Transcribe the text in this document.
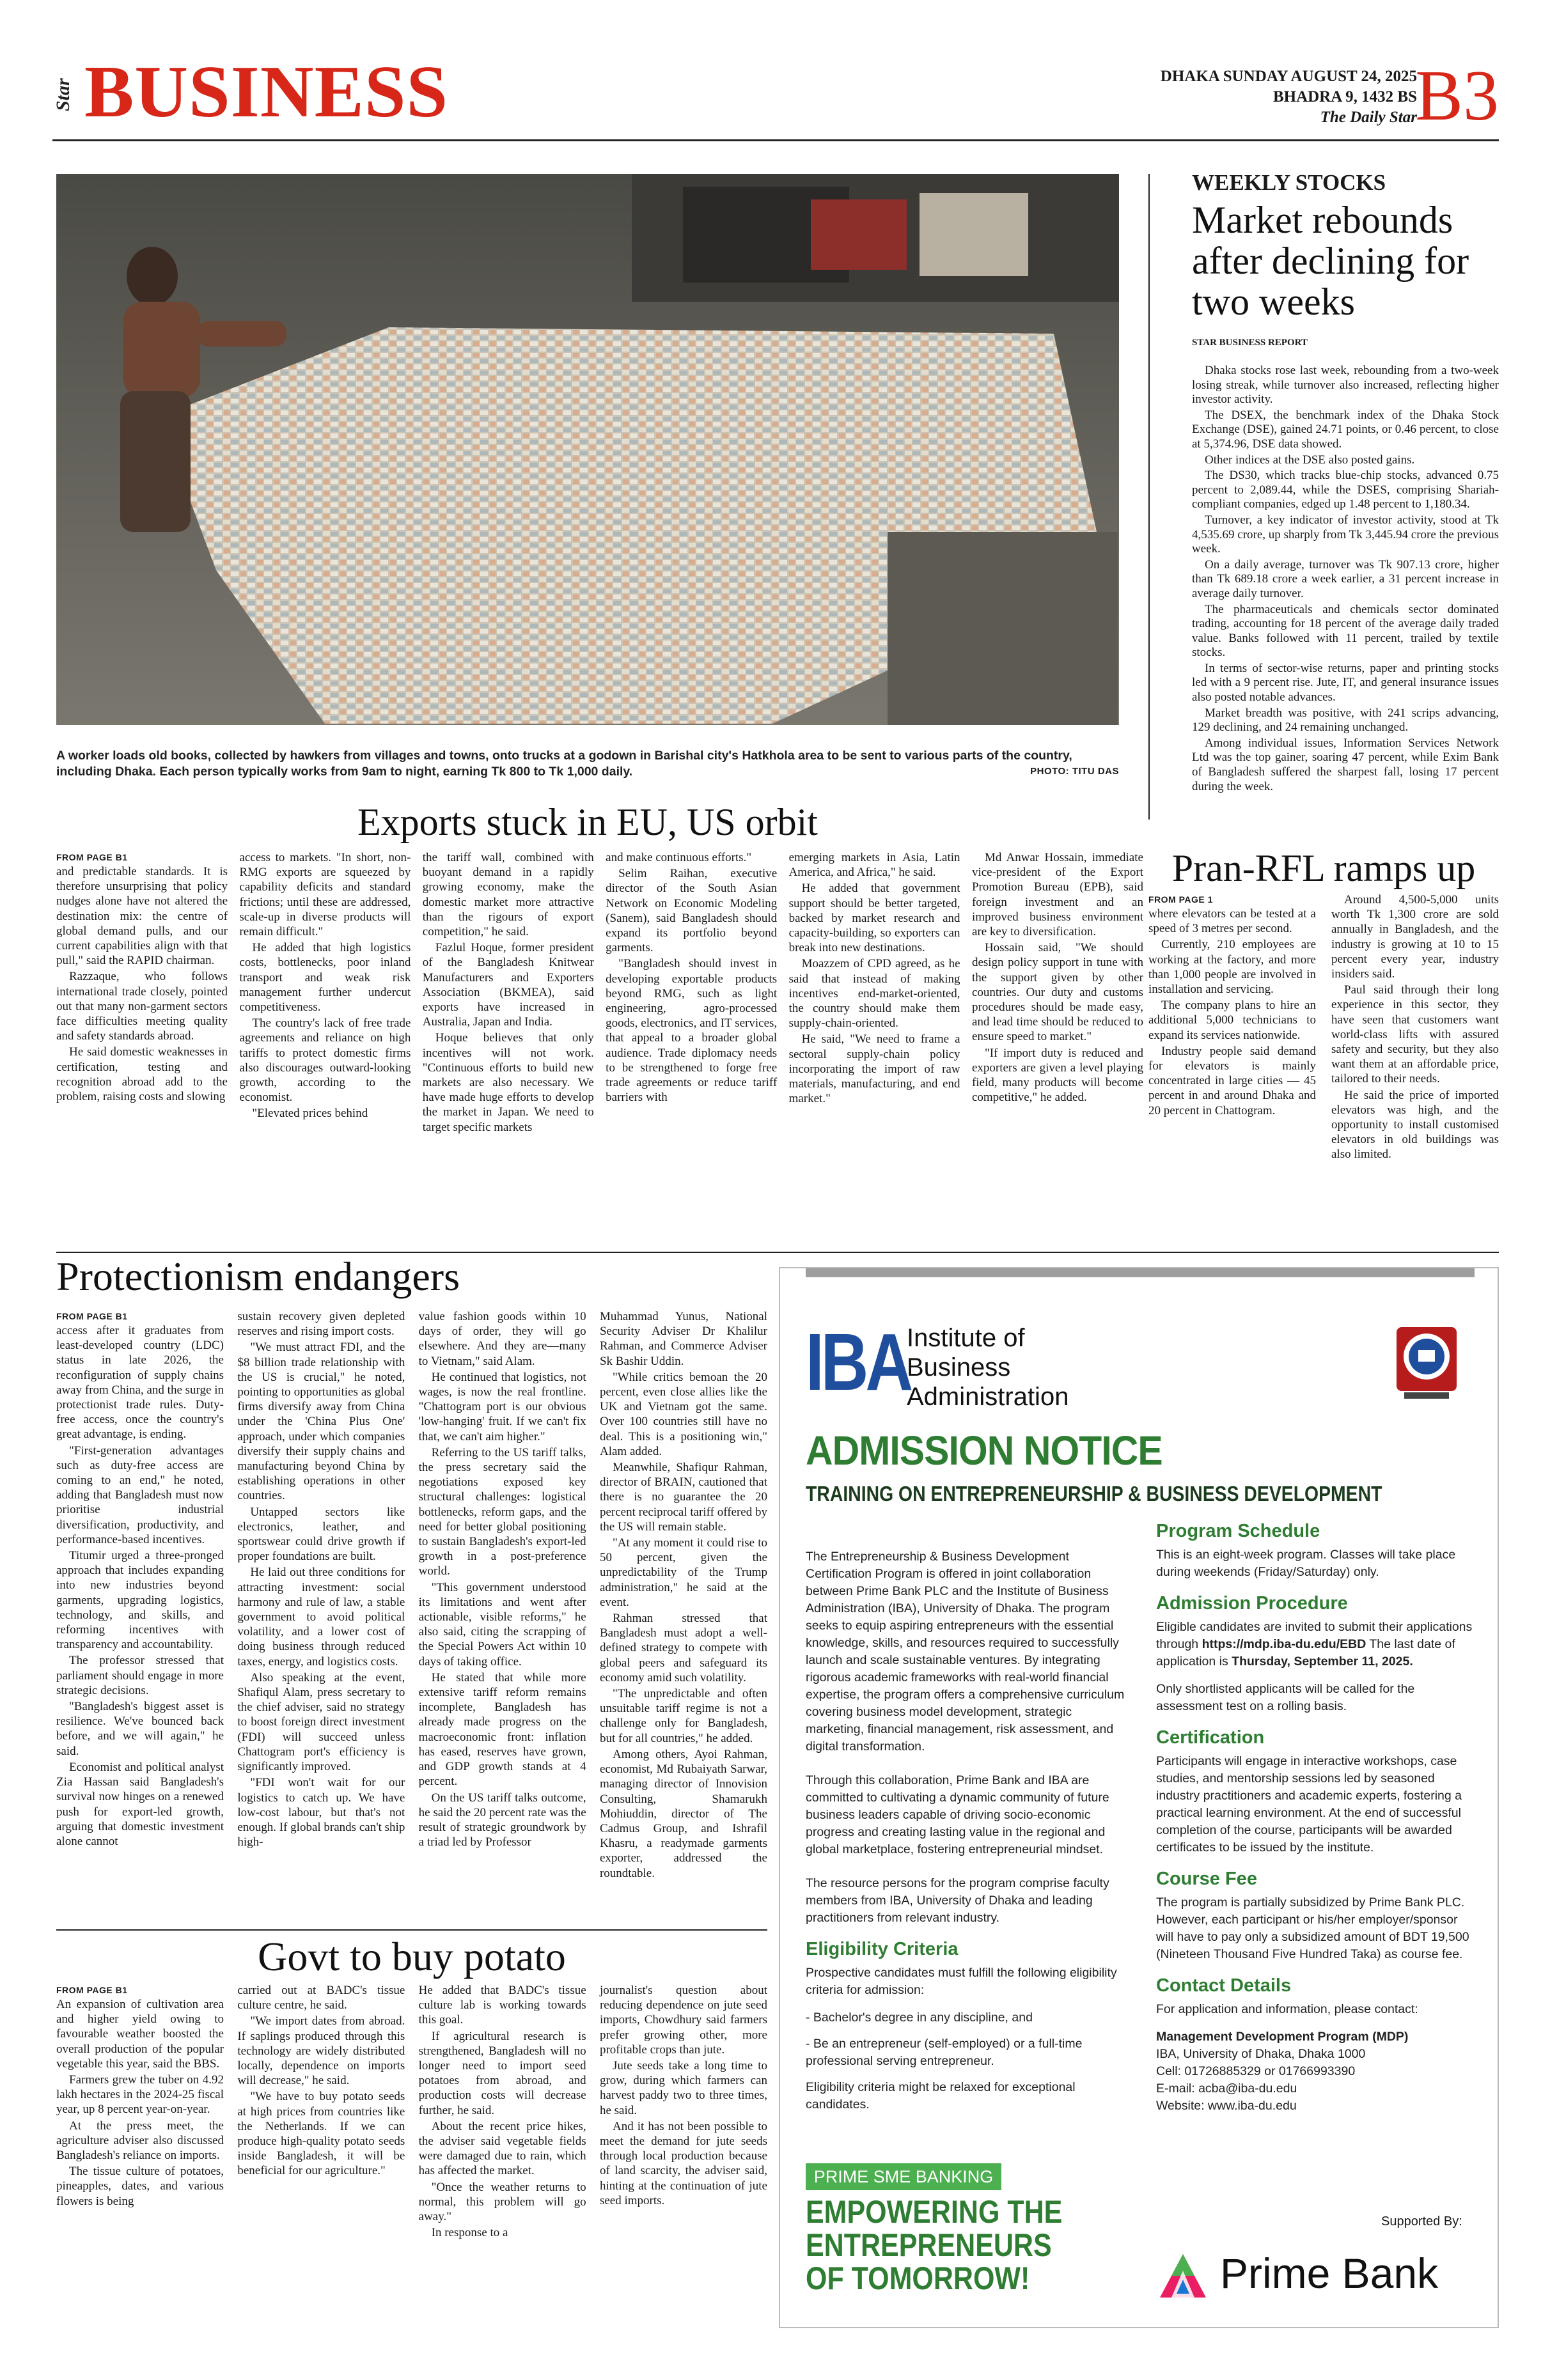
Star BUSINESS	DHAKA SUNDAY AUGUST 24, 2025
BHADRA 9, 1432 BS
The Daily Star
B3
A worker loads old books, collected by hawkers from villages and towns, onto trucks at a godown in Barishal city's Hatkhola area to be sent to various parts of the country, including Dhaka. Each person typically works from 9am to night, earning Tk 800 to Tk 1,000 daily.	PHOTO: TITU DAS
WEEKLY STOCKS
Market rebounds after declining for two weeks
STAR BUSINESS REPORT

Dhaka stocks rose last week, rebounding from a two-week losing streak, while turnover also increased, reflecting higher investor activity.

The DSEX, the benchmark index of the Dhaka Stock Exchange (DSE), gained 24.71 points, or 0.46 percent, to close at 5,374.96, DSE data showed.

Other indices at the DSE also posted gains.

The DS30, which tracks blue-chip stocks, advanced 0.75 percent to 2,089.44, while the DSES, comprising Shariah-compliant companies, edged up 1.48 percent to 1,180.34.

Turnover, a key indicator of investor activity, stood at Tk 4,535.69 crore, up sharply from Tk 3,445.94 crore the previous week.

On a daily average, turnover was Tk 907.13 crore, higher than Tk 689.18 crore a week earlier, a 31 percent increase in average daily turnover.

The pharmaceuticals and chemicals sector dominated trading, accounting for 18 percent of the average daily traded value. Banks followed with 11 percent, trailed by textile stocks.

In terms of sector-wise returns, paper and printing stocks led with a 9 percent rise. Jute, IT, and general insurance issues also posted notable advances.

Market breadth was positive, with 241 scrips advancing, 129 declining, and 24 remaining unchanged.

Among individual issues, Information Services Network Ltd was the top gainer, soaring 47 percent, while Exim Bank of Bangladesh suffered the sharpest fall, losing 17 percent during the week.

Exports stuck in EU, US orbit
FROM PAGE B1

and predictable standards. It is therefore unsurprising that policy nudges alone have not altered the destination mix: the centre of global demand pulls, and our current capabilities align with that pull," said the RAPID chairman.

Razzaque, who follows international trade closely, pointed out that many non-garment sectors face difficulties meeting quality and safety standards abroad.

He said domestic weaknesses in certification, testing and recognition abroad add to the problem, raising costs and slowing

access to markets. "In short, non-RMG exports are squeezed by capability deficits and standard frictions; until these are addressed, scale-up in diverse products will remain difficult."

He added that high logistics costs, bottlenecks, poor inland transport and weak risk management further undercut competitiveness.

The country's lack of free trade agreements and reliance on high tariffs to protect domestic firms also discourages outward-looking growth, according to the economist.

"Elevated prices behind

the tariff wall, combined with buoyant demand in a rapidly growing economy, make the domestic market more attractive than the rigours of export competition," he said.

Fazlul Hoque, former president of the Bangladesh Knitwear Manufacturers and Exporters Association (BKMEA), said exports have increased in Australia, Japan and India.

Hoque believes that only incentives will not work. "Continuous efforts to build new markets are also necessary. We have made huge efforts to develop the market in Japan. We need to target specific markets

and make continuous efforts."

Selim Raihan, executive director of the South Asian Network on Economic Modeling (Sanem), said Bangladesh should expand its portfolio beyond garments.

"Bangladesh should invest in developing exportable products beyond RMG, such as light engineering, agro-processed goods, electronics, and IT services, that appeal to a broader global audience. Trade diplomacy needs to be strengthened to forge free trade agreements or reduce tariff barriers with

emerging markets in Asia, Latin America, and Africa," he said.

He added that government support should be better targeted, backed by market research and capacity-building, so exporters can break into new destinations.

Moazzem of CPD agreed, as he said that instead of making incentives end-market-oriented, the country should make them supply-chain-oriented.

He said, "We need to frame a sectoral supply-chain policy incorporating the import of raw materials, manufacturing, and end market."

Md Anwar Hossain, immediate vice-president of the Export Promotion Bureau (EPB), said foreign investment and an improved business environment are key to diversification.

Hossain said, "We should design policy support in tune with the support given by other countries. Our duty and customs procedures should be made easy, and lead time should be reduced to ensure speed to market."

"If import duty is reduced and exporters are given a level playing field, many products will become competitive," he added.

Pran-RFL ramps up
FROM PAGE 1

where elevators can be tested at a speed of 3 metres per second.

Currently, 210 employees are working at the factory, and more than 1,000 people are involved in installation and servicing.

The company plans to hire an additional 5,000 technicians to expand its services nationwide.

Industry people said demand for elevators is mainly concentrated in large cities — 45 percent in and around Dhaka and 20 percent in Chattogram.

Around 4,500-5,000 units worth Tk 1,300 crore are sold annually in Bangladesh, and the industry is growing at 10 to 15 percent every year, industry insiders said.

Paul said through their long experience in this sector, they have seen that customers want world-class lifts with assured safety and security, but they also want them at an affordable price, tailored to their needs.

He said the price of imported elevators was high, and the opportunity to install customised elevators in old buildings was also limited.

Protectionism endangers
FROM PAGE B1

access after it graduates from least-developed country (LDC) status in late 2026, the reconfiguration of supply chains away from China, and the surge in protectionist trade rules. Duty-free access, once the country's great advantage, is ending.

"First-generation advantages such as duty-free access are coming to an end," he noted, adding that Bangladesh must now prioritise industrial diversification, productivity, and performance-based incentives.

Titumir urged a three-pronged approach that includes expanding into new industries beyond garments, upgrading logistics, technology, and skills, and reforming incentives with transparency and accountability.

The professor stressed that parliament should engage in more strategic decisions.

"Bangladesh's biggest asset is resilience. We've bounced back before, and we will again," he said.

Economist and political analyst Zia Hassan said Bangladesh's survival now hinges on a renewed push for export-led growth, arguing that domestic investment alone cannot

sustain recovery given depleted reserves and rising import costs.

"We must attract FDI, and the $8 billion trade relationship with the US is crucial," he noted, pointing to opportunities as global firms diversify away from China under the 'China Plus One' approach, under which companies diversify their supply chains and manufacturing beyond China by establishing operations in other countries.

Untapped sectors like electronics, leather, and sportswear could drive growth if proper foundations are built.

He laid out three conditions for attracting investment: social harmony and rule of law, a stable government to avoid political volatility, and a lower cost of doing business through reduced taxes, energy, and logistics costs.

Also speaking at the event, Shafiqul Alam, press secretary to the chief adviser, said no strategy to boost foreign direct investment (FDI) will succeed unless Chattogram port's efficiency is significantly improved.

"FDI won't wait for our logistics to catch up. We have low-cost labour, but that's not enough. If global brands can't ship high-

value fashion goods within 10 days of order, they will go elsewhere. And they are—many to Vietnam," said Alam.

He continued that logistics, not wages, is now the real frontline. "Chattogram port is our obvious 'low-hanging' fruit. If we can't fix that, we can't aim higher."

Referring to the US tariff talks, the press secretary said the negotiations exposed key structural challenges: logistical bottlenecks, reform gaps, and the need for better global positioning to sustain Bangladesh's export-led growth in a post-preference world.

"This government understood its limitations and went after actionable, visible reforms," he also said, citing the scrapping of the Special Powers Act within 10 days of taking office.

He stated that while more extensive tariff reform remains incomplete, Bangladesh has already made progress on the macroeconomic front: inflation has eased, reserves have grown, and GDP growth stands at 4 percent.

On the US tariff talks outcome, he said the 20 percent rate was the result of strategic groundwork by a triad led by Professor

Muhammad Yunus, National Security Adviser Dr Khalilur Rahman, and Commerce Adviser Sk Bashir Uddin.

"While critics bemoan the 20 percent, even close allies like the UK and Vietnam got the same. Over 100 countries still have no deal. This is a positioning win," Alam added.

Meanwhile, Shafiqur Rahman, director of BRAIN, cautioned that there is no guarantee the 20 percent reciprocal tariff offered by the US will remain stable.

"At any moment it could rise to 50 percent, given the unpredictability of the Trump administration," he said at the event.

Rahman stressed that Bangladesh must adopt a well-defined strategy to compete with global peers and safeguard its economy amid such volatility.

"The unpredictable and often unsuitable tariff regime is not a challenge only for Bangladesh, but for all countries," he added.

Among others, Ayoi Rahman, economist, Md Rubaiyath Sarwar, managing director of Innovision Consulting, Shamarukh Mohiuddin, director of The Cadmus Group, and Ishrafil Khasru, a readymade garments exporter, addressed the roundtable.

Govt to buy potato
FROM PAGE B1

An expansion of cultivation area and higher yield owing to favourable weather boosted the overall production of the popular vegetable this year, said the BBS.

Farmers grew the tuber on 4.92 lakh hectares in the 2024-25 fiscal year, up 8 percent year-on-year.

At the press meet, the agriculture adviser also discussed Bangladesh's reliance on imports.

The tissue culture of potatoes, pineapples, dates, and various flowers is being

carried out at BADC's tissue culture centre, he said.

"We import dates from abroad. If saplings produced through this technology are widely distributed locally, dependence on imports will decrease," he said.

"We have to buy potato seeds at high prices from countries like the Netherlands. If we can produce high-quality potato seeds inside Bangladesh, it will be beneficial for our agriculture."

He added that BADC's tissue culture lab is working towards this goal.

If agricultural research is strengthened, Bangladesh will no longer need to import seed potatoes from abroad, and production costs will decrease further, he said.

About the recent price hikes, the adviser said vegetable fields were damaged due to rain, which has affected the market.

"Once the weather returns to normal, this problem will go away."

In response to a

journalist's question about reducing dependence on jute seed imports, Chowdhury said farmers prefer growing other, more profitable crops than jute.

Jute seeds take a long time to grow, during which farmers can harvest paddy two to three times, he said.

And it has not been possible to meet the demand for jute seeds through local production because of land scarcity, the adviser said, hinting at the continuation of jute seed imports.

IBA
Institute of
Business
Administration
ADMISSION NOTICE
TRAINING ON ENTREPRENEURSHIP & BUSINESS DEVELOPMENT

The Entrepreneurship & Business Development Certification Program is offered in joint collaboration between Prime Bank PLC and the Institute of Business Administration (IBA), University of Dhaka. The program seeks to equip aspiring entrepreneurs with the essential knowledge, skills, and resources required to successfully launch and scale sustainable ventures. By integrating rigorous academic frameworks with real-world financial expertise, the program offers a comprehensive curriculum covering business model development, strategic marketing, financial management, risk assessment, and digital transformation.

Through this collaboration, Prime Bank and IBA are committed to cultivating a dynamic community of future business leaders capable of driving socio-economic progress and creating lasting value in the regional and global marketplace, fostering entrepreneurial mindset.

The resource persons for the program comprise faculty members from IBA, University of Dhaka and leading practitioners from relevant industry.

Eligibility Criteria

Prospective candidates must fulfill the following eligibility criteria for admission:

- Bachelor's degree in any discipline, and

- Be an entrepreneur (self-employed) or a full-time professional serving entrepreneur.

Eligibility criteria might be relaxed for exceptional candidates.

Program Schedule

This is an eight-week program. Classes will take place during weekends (Friday/Saturday) only.

Admission Procedure

Eligible candidates are invited to submit their applications through https://mdp.iba-du.edu/EBD The last date of application is Thursday, September 11, 2025.

Only shortlisted applicants will be called for the assessment test on a rolling basis.

Certification

Participants will engage in interactive workshops, case studies, and mentorship sessions led by seasoned industry practitioners and academic experts, fostering a practical learning environment. At the end of successful completion of the course, participants will be awarded certificates to be issued by the institute.

Course Fee

The program is partially subsidized by Prime Bank PLC. However, each participant or his/her employer/sponsor will have to pay only a subsidized amount of BDT 19,500 (Nineteen Thousand Five Hundred Taka) as course fee.

Contact Details

For application and information, please contact:

Management Development Program (MDP)

IBA, University of Dhaka, Dhaka 1000

Cell: 01726885329 or 01766993390

E-mail: acba@iba-du.edu

Website: www.iba-du.edu

PRIME SME BANKING
EMPOWERING THE
ENTREPRENEURS
OF TOMORROW!
Supported By:
Prime Bank
